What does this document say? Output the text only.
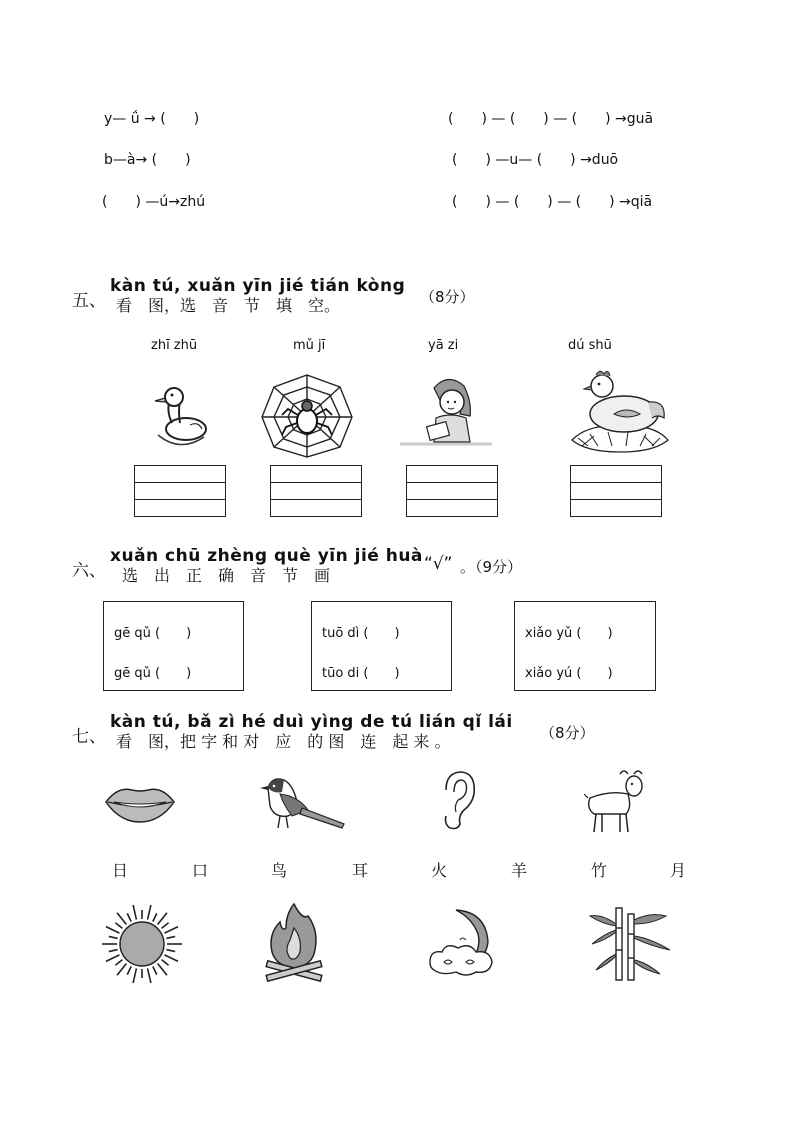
y— ǘ → (　　)
b—à→ (　　)
(　　) —ú→zhú
(　　) — (　　) — (　　) →guā
(　　) —u— (　　) →duō
(　　) — (　　) — (　　) →qiā
五、
kàn tú, xuǎn yīn jié tián kòng
看　图，选　音　节　填　空。	（8分）
zhī zhū	mǔ jī	yā zi	dú shū
六、
xuǎn chū zhèng què yīn jié huà
选　出　正　确　音　节　画
“√” 。（9分）
gē qǔ (　　)
gē qǔ (　　)
tuō dì (　　)
tūo di (　　)
xiǎo yǔ (　　)
xiǎo yú (　　)
七、
kàn tú, bǎ zì hé duì yìng de tú lián qǐ lái
看　图，把 字 和 对　应　的 图　连　起 来 。	（8分）
日	口	鸟	耳	火	羊	竹	月
